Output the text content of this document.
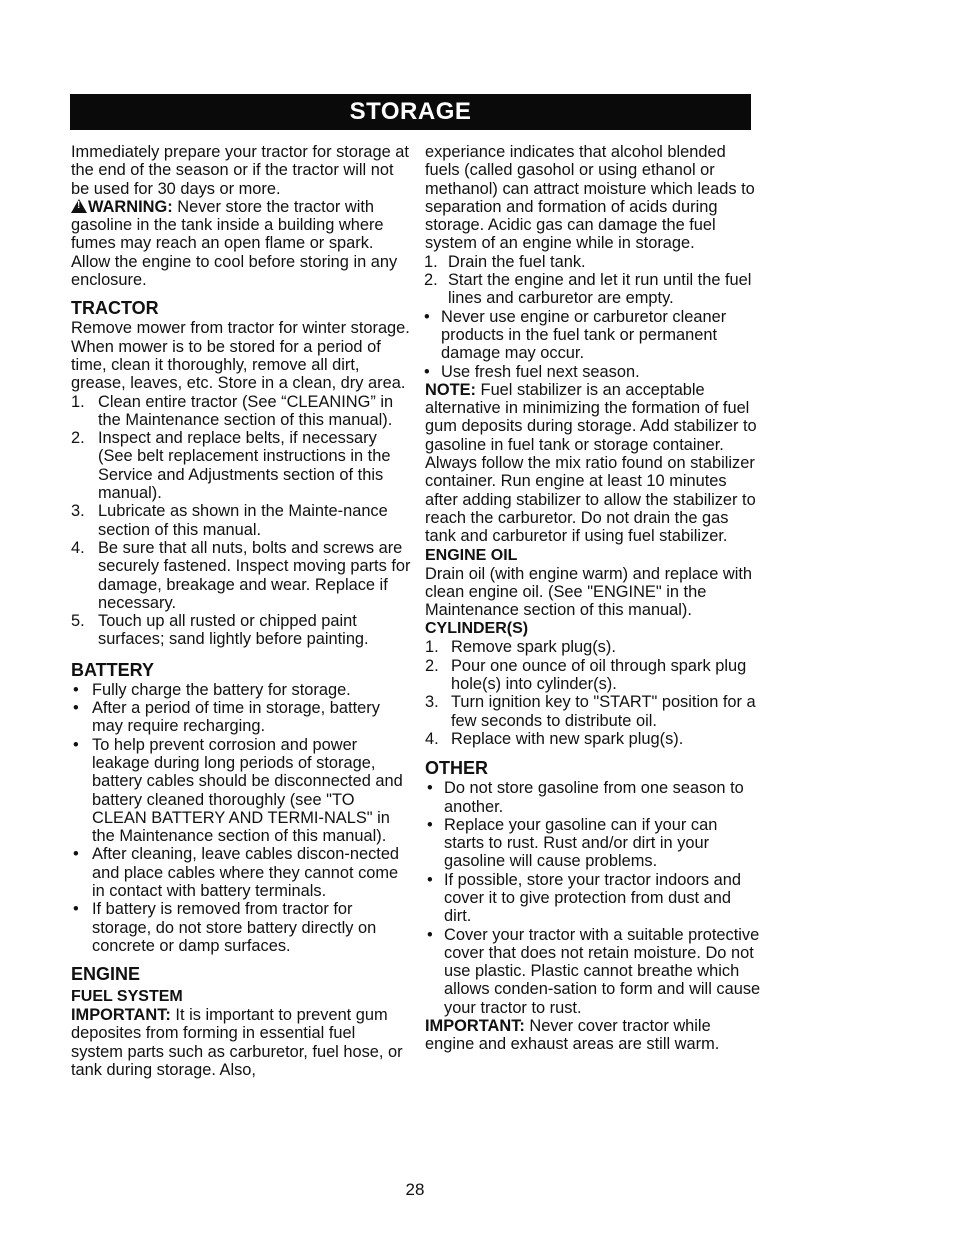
STORAGE

Immediately prepare your tractor for storage at the end of the season or if the tractor will not be used for 30 days or more.

!WARNING: Never store the tractor with gasoline in the tank inside a building where fumes may reach an open flame or spark. Allow the engine to cool before storing in any enclosure.

TRACTOR

Remove mower from tractor for winter storage. When mower is to be stored for a period of time, clean it thoroughly, remove all dirt, grease, leaves, etc. Store in a clean, dry area.

1. Clean entire tractor (See “CLEANING” in the Maintenance section of this manual).
2. Inspect and replace belts, if necessary (See belt replacement instructions in the Service and Adjustments section of this manual).
3. Lubricate as shown in the Mainte-nance section of this manual.
4. Be sure that all nuts, bolts and screws are securely fastened. Inspect moving parts for damage, breakage and wear. Replace if necessary.
5. Touch up all rusted or chipped paint surfaces; sand lightly before painting.

BATTERY

• Fully charge the battery for storage.
• After a period of time in storage, battery may require recharging.
• To help prevent corrosion and power leakage during long periods of storage, battery cables should be disconnected and battery cleaned thoroughly (see "TO CLEAN BATTERY AND TERMI-NALS" in the Maintenance section of this manual).
• After cleaning, leave cables discon-nected and place cables where they cannot come in contact with battery terminals.
• If battery is removed from tractor for storage, do not store battery directly on concrete or damp surfaces.

ENGINE

FUEL SYSTEM

IMPORTANT: It is important to prevent gum deposites from forming in essential fuel system parts such as carburetor, fuel hose, or tank during storage. Also,

experiance indicates that alcohol blended fuels (called gasohol or using ethanol or methanol) can attract moisture which leads to separation and formation of acids during storage. Acidic gas can damage the fuel system of an engine while in storage.

1. Drain the fuel tank.
2. Start the engine and let it run until the fuel lines and carburetor are empty.
• Never use engine or carburetor cleaner products in the fuel tank or permanent damage may occur.
• Use fresh fuel next season.

NOTE: Fuel stabilizer is an acceptable alternative in minimizing the formation of fuel gum deposits during storage. Add stabilizer to gasoline in fuel tank or storage container. Always follow the mix ratio found on stabilizer container. Run engine at least 10 minutes after adding stabilizer to allow the stabilizer to reach the carburetor. Do not drain the gas tank and carburetor if using fuel stabilizer.

ENGINE OIL

Drain oil (with engine warm) and replace with clean engine oil. (See "ENGINE" in the Maintenance section of this manual).

CYLINDER(S)

1. Remove spark plug(s).
2. Pour one ounce of oil through spark plug hole(s) into cylinder(s).
3. Turn ignition key to "START" position for a few seconds to distribute oil.
4. Replace with new spark plug(s).

OTHER

• Do not store gasoline from one season to another.
• Replace your gasoline can if your can starts to rust. Rust and/or dirt in your gasoline will cause problems.
• If possible, store your tractor indoors and cover it to give protection from dust and dirt.
• Cover your tractor with a suitable protective cover that does not retain moisture. Do not use plastic. Plastic cannot breathe which allows conden-sation to form and will cause your tractor to rust.

IMPORTANT: Never cover tractor while engine and exhaust areas are still warm.

28
